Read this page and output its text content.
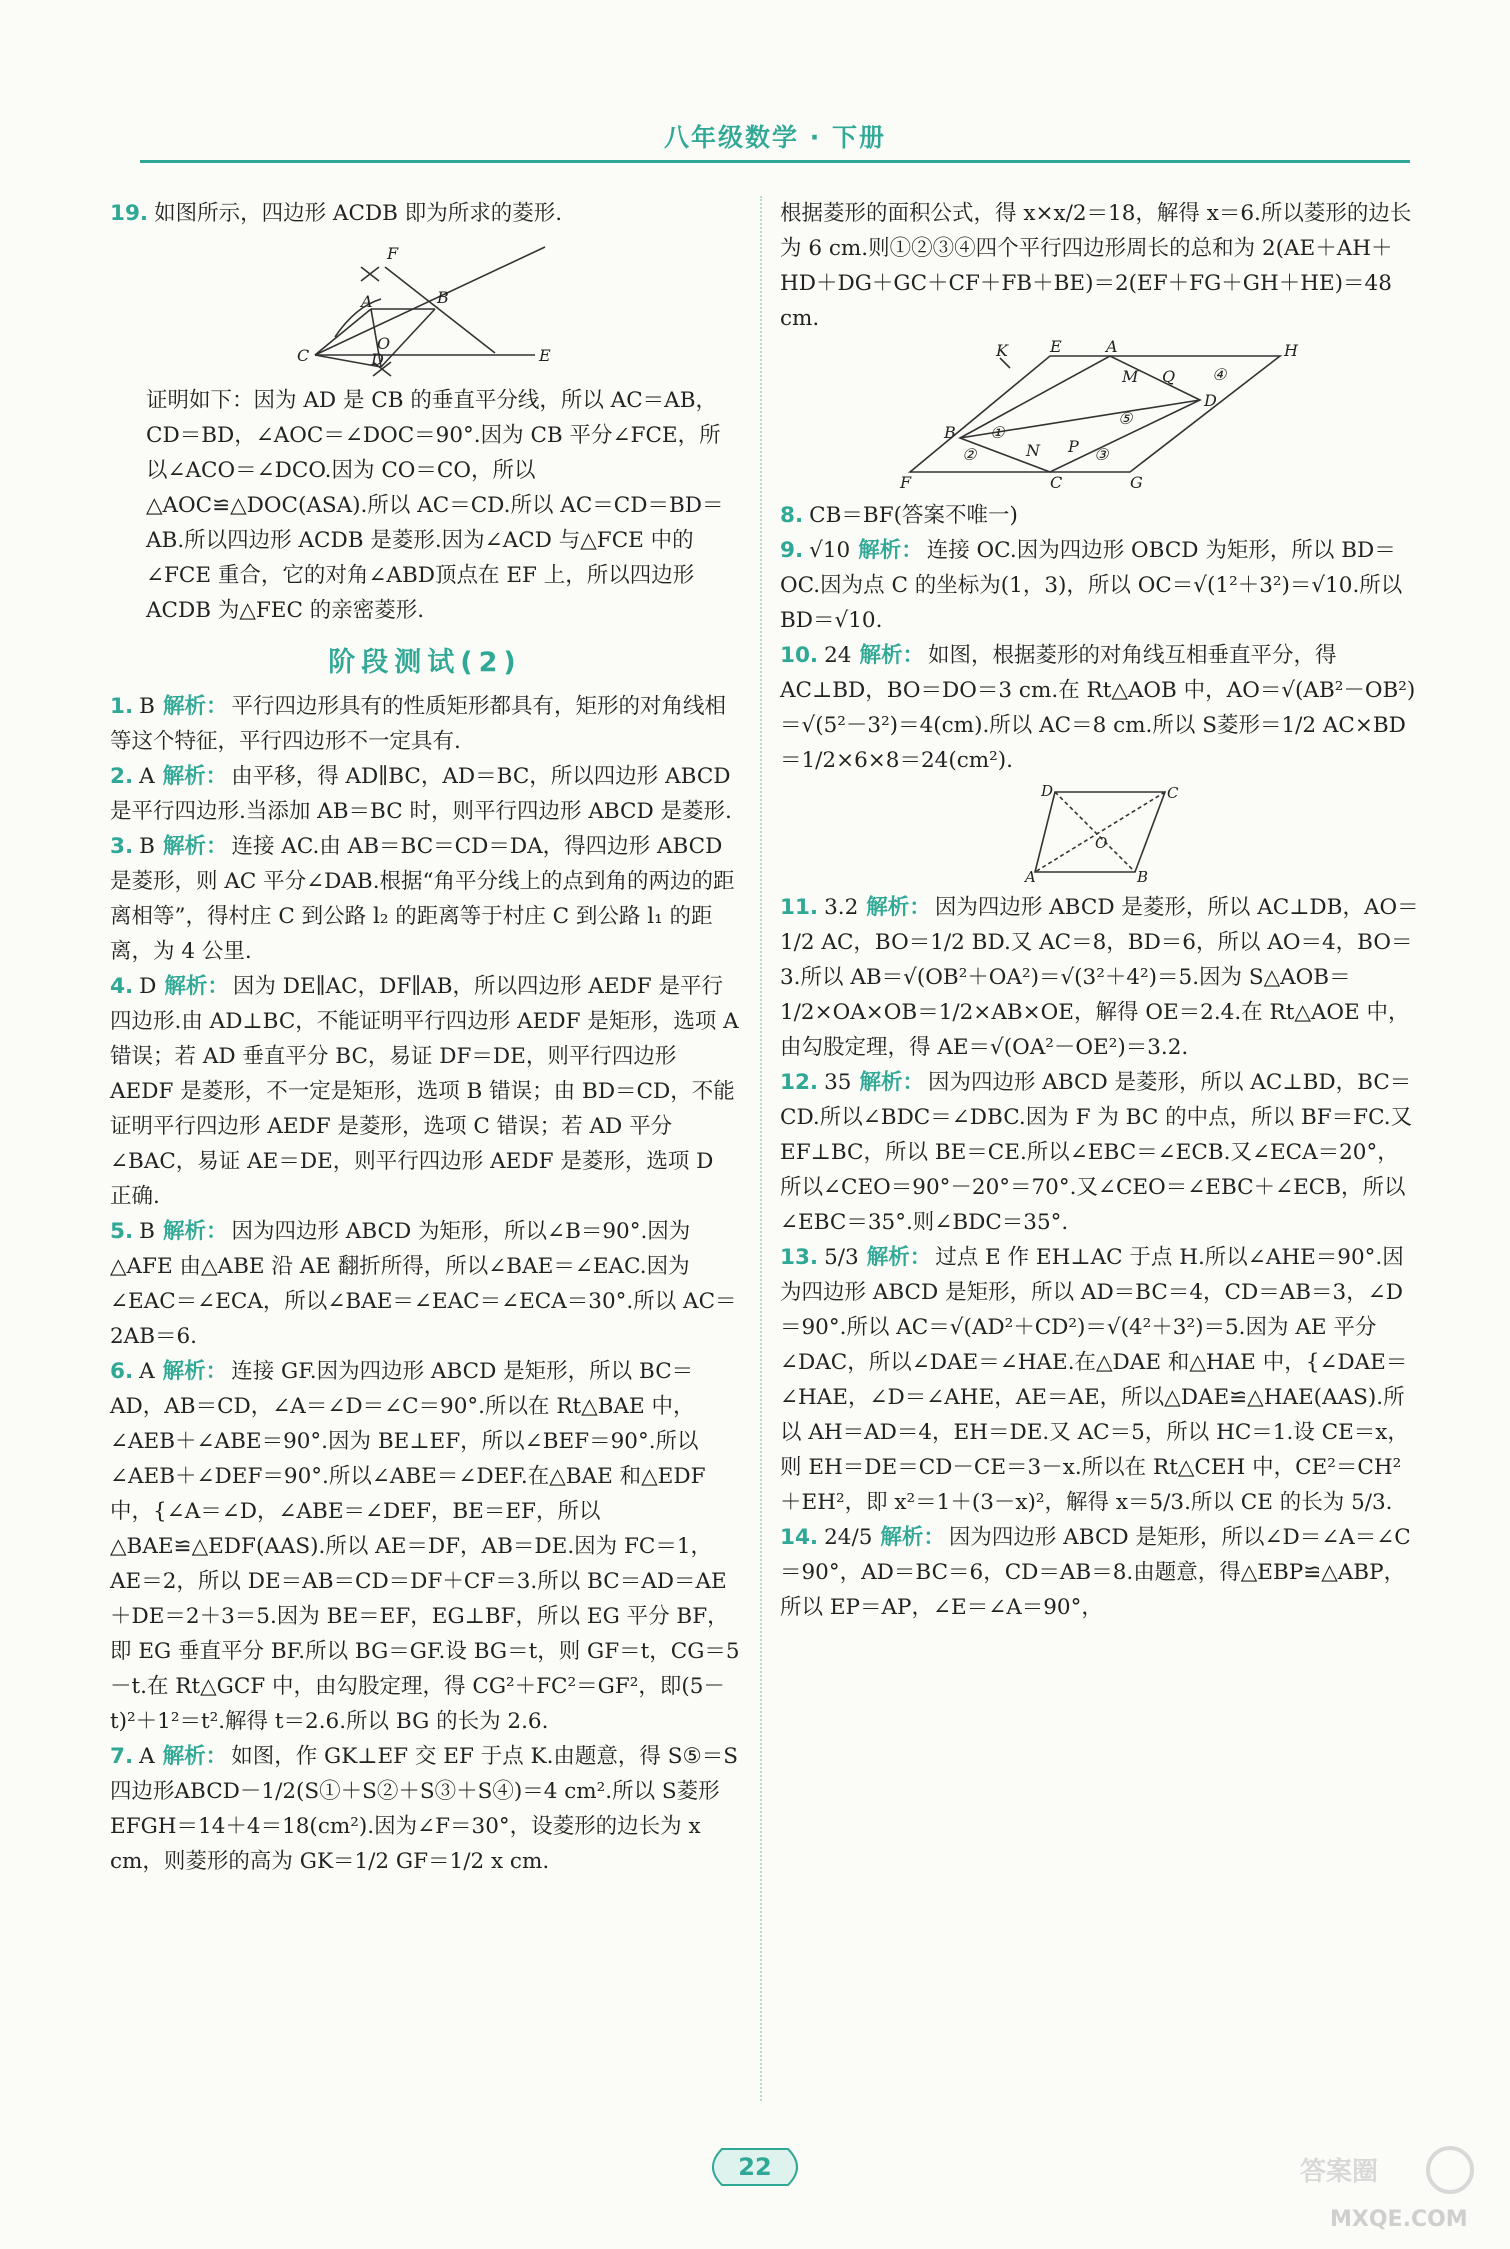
八年级数学 · 下册

19. 如图所示，四边形 ACDB 即为所求的菱形.

F
A	B
O
C	D	E

证明如下：因为 AD 是 CB 的垂直平分线，所以 AC＝AB，CD＝BD，∠AOC＝∠DOC＝90°.因为 CB 平分∠FCE，所以∠ACO＝∠DCO.因为 CO＝CO，所以△AOC≌△DOC(ASA).所以 AC＝CD.所以 AC＝CD＝BD＝AB.所以四边形 ACDB 是菱形.因为∠ACD 与△FCE 中的∠FCE 重合，它的对角∠ABD顶点在 EF 上，所以四边形 ACDB 为△FEC 的亲密菱形.

阶段测试(2)

1. B 解析： 平行四边形具有的性质矩形都具有，矩形的对角线相等这个特征，平行四边形不一定具有.

2. A 解析： 由平移，得 AD∥BC，AD＝BC，所以四边形 ABCD 是平行四边形.当添加 AB＝BC 时，则平行四边形 ABCD 是菱形.

3. B 解析： 连接 AC.由 AB＝BC＝CD＝DA，得四边形 ABCD 是菱形，则 AC 平分∠DAB.根据“角平分线上的点到角的两边的距离相等”，得村庄 C 到公路 l₂ 的距离等于村庄 C 到公路 l₁ 的距离，为 4 公里.

4. D 解析： 因为 DE∥AC，DF∥AB，所以四边形 AEDF 是平行四边形.由 AD⊥BC，不能证明平行四边形 AEDF 是矩形，选项 A 错误；若 AD 垂直平分 BC，易证 DF＝DE，则平行四边形 AEDF 是菱形，不一定是矩形，选项 B 错误；由 BD＝CD，不能证明平行四边形 AEDF 是菱形，选项 C 错误；若 AD 平分∠BAC，易证 AE＝DE，则平行四边形 AEDF 是菱形，选项 D 正确.

5. B 解析： 因为四边形 ABCD 为矩形，所以∠B＝90°.因为△AFE 由△ABE 沿 AE 翻折所得，所以∠BAE＝∠EAC.因为∠EAC＝∠ECA，所以∠BAE＝∠EAC＝∠ECA＝30°.所以 AC＝2AB＝6.

6. A 解析： 连接 GF.因为四边形 ABCD 是矩形，所以 BC＝AD，AB＝CD，∠A＝∠D＝∠C＝90°.所以在 Rt△BAE 中，∠AEB＋∠ABE＝90°.因为 BE⊥EF，所以∠BEF＝90°.所以∠AEB＋∠DEF＝90°.所以∠ABE＝∠DEF.在△BAE 和△EDF 中，{∠A＝∠D，∠ABE＝∠DEF，BE＝EF，所以△BAE≌△EDF(AAS).所以 AE＝DF，AB＝DE.因为 FC＝1，AE＝2，所以 DE＝AB＝CD＝DF＋CF＝3.所以 BC＝AD＝AE＋DE＝2＋3＝5.因为 BE＝EF，EG⊥BF，所以 EG 平分 BF，即 EG 垂直平分 BF.所以 BG＝GF.设 BG＝t，则 GF＝t，CG＝5－t.在 Rt△GCF 中，由勾股定理，得 CG²＋FC²＝GF²，即(5－t)²＋1²＝t².解得 t＝2.6.所以 BG 的长为 2.6.

7. A 解析： 如图，作 GK⊥EF 交 EF 于点 K.由题意，得 S⑤＝S四边形ABCD－1/2(S①＋S②＋S③＋S④)＝4 cm².所以 S菱形EFGH＝14＋4＝18(cm²).因为∠F＝30°，设菱形的边长为 x cm，则菱形的高为 GK＝1/2 GF＝1/2 x cm.

根据菱形的面积公式，得 x×x/2＝18，解得 x＝6.所以菱形的边长为 6 cm.则①②③④四个平行四边形周长的总和为 2(AE＋AH＋HD＋DG＋GC＋CF＋FB＋BE)＝2(EF＋FG＋GH＋HE)＝48 cm.

K	E	A	H
M Q ④
D
B ①
⑤
N P ③
②
F	C	G

8. CB＝BF(答案不唯一)

9. √10 解析： 连接 OC.因为四边形 OBCD 为矩形，所以 BD＝OC.因为点 C 的坐标为(1，3)，所以 OC＝√(1²＋3²)＝√10.所以 BD＝√10.

10. 24 解析： 如图，根据菱形的对角线互相垂直平分，得 AC⊥BD，BO＝DO＝3 cm.在 Rt△AOB 中，AO＝√(AB²－OB²)＝√(5²－3²)＝4(cm).所以 AC＝8 cm.所以 S菱形＝1/2 AC×BD＝1/2×6×8＝24(cm²).

D	C
O
A	B

11. 3.2 解析： 因为四边形 ABCD 是菱形，所以 AC⊥DB，AO＝1/2 AC，BO＝1/2 BD.又 AC＝8，BD＝6，所以 AO＝4，BO＝3.所以 AB＝√(OB²＋OA²)＝√(3²＋4²)＝5.因为 S△AOB＝1/2×OA×OB＝1/2×AB×OE，解得 OE＝2.4.在 Rt△AOE 中，由勾股定理，得 AE＝√(OA²－OE²)＝3.2.

12. 35 解析： 因为四边形 ABCD 是菱形，所以 AC⊥BD，BC＝CD.所以∠BDC＝∠DBC.因为 F 为 BC 的中点，所以 BF＝FC.又 EF⊥BC，所以 BE＝CE.所以∠EBC＝∠ECB.又∠ECA＝20°，所以∠CEO＝90°－20°＝70°.又∠CEO＝∠EBC＋∠ECB，所以∠EBC＝35°.则∠BDC＝35°.

13. 5/3 解析： 过点 E 作 EH⊥AC 于点 H.所以∠AHE＝90°.因为四边形 ABCD 是矩形，所以 AD＝BC＝4，CD＝AB＝3，∠D＝90°.所以 AC＝√(AD²＋CD²)＝√(4²＋3²)＝5.因为 AE 平分∠DAC，所以∠DAE＝∠HAE.在△DAE 和△HAE 中，{∠DAE＝∠HAE，∠D＝∠AHE，AE＝AE，所以△DAE≌△HAE(AAS).所以 AH＝AD＝4，EH＝DE.又 AC＝5，所以 HC＝1.设 CE＝x，则 EH＝DE＝CD－CE＝3－x.所以在 Rt△CEH 中，CE²＝CH²＋EH²，即 x²＝1＋(3－x)²，解得 x＝5/3.所以 CE 的长为 5/3.

14. 24/5 解析： 因为四边形 ABCD 是矩形，所以∠D＝∠A＝∠C＝90°，AD＝BC＝6，CD＝AB＝8.由题意，得△EBP≌△ABP，所以 EP＝AP，∠E＝∠A＝90°，

22	答案圈
MXQE.COM
